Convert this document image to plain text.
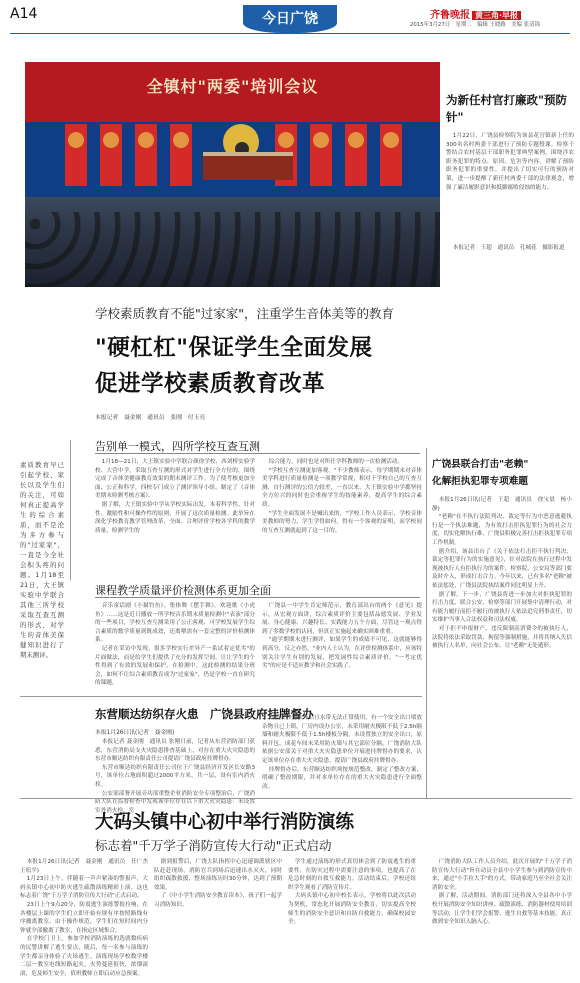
A14	今日广饶	齐鲁晚报 黄三角·早报
2015年3月27日　星期二　编辑 王晓路　美编 张清锦
全镇村"两委"培训会议
为新任村官打廉政"预防针"

1月22日，广饶县检察院为该县花官镇新上任的300名名村两委干部进行了预防专题授课。检察干警结合农村基层干部职务犯罪典型案例，围绕涉农职务犯罪的特点、原因、危害等内容，讲解了预防职务犯罪的重要性，并提出了切实可行的预防对策，进一步提醒了新任村两委干部的法律观念，增强了廉洁履职意识和抵御腐败侵蚀的能力。

本报记者　王超　通讯员　孔城花　摄影报道

学校素质教育不能"过家家"，注重学生音体美等的教育
"硬杠杠"保证学生全面发展
促进学校素质教育改革
本报记者　聂金刚　通讯员　张刚　付玉亮
素质教育早已引起学校、家长以及学生们的关注，可如何真正提高学生的综合素质，而不是沦为多方参与的"过家家"，一直是今全社会积头疼的问题。1月18至21日，大王镇实验中学联合其他三所学校采取互查互测的形式，对学生的音体美保健知识进行了期末测评。
告别单一模式，四所学校互查互测

1月18—21日，大王镇实验中学联合颜徐学校、西刘桥实验学校、大营中学，采取互查互测的形式对学生进行全方位的，围绕完成了音体美健康教育效果的期末测评工作。为了使考核更加全面、公正和科学，四校专门成立了测评领导小组，制定了《音体美期末检测考核方案》。

据了解，大王镇实验中学从学校实际出发，本着科学性、针对性、激励性和可操作性的原则，开展了这次质量检测。此举旨在深化学校教育教学管理改革，全面、合理评价学校各学科的教学质量，检测学生的

综合能力，同时也是对所任学科教师的一次检测活动。

"学校互查互测更加客观。"不少教师表示，每学期期末对音体美学科进行质量检测是一项教学常规，相对于学校自己的互查互测，自行测评的公信力较差，一直以来，大王镇实验中学都坚持全方位兴的同时也会重视学生的技能素养，提高学生的综合素质。

"学生全面发展不是喊出来的，"学校工作人员表示，学校音体美教师的努力，学生学得如何，得有一个客观的证明，而学校间的互查互测就起到了这一目的。

课程教学质量评价检测体系更加全面

音乐童话剧《小猫钓鱼》、集体舞《摆手舞》、欢迎歌《小虎鱼》……这是近日播放一所学校音乐期末质量检测中"表演"部分的一些项目，学校互查互测采用了公正客观、可学校发展学生综合素质的数学质量到既成效，还离喂需有一套完整的评价检测体系。

记者在采访中发现，很多学校实行差异产一系试着定优劣"的片面做法，而是给学生们提供了充分的发挥空间，让让学生的个性得到了有效的发展和保护。在检测中，这此检测的结果分班会，如何不让综合素质教育成为"过家家"，仍是学校一直在研究的课题。

广饶县一中学生肯定师范示，教育部出台的两个《意见》提示，从宏观方面讲，综合素质评价主要包括品德发展、学业发展、身心健康、兴趣特长、实践能力五个方面，尽管这一观点得到了多数学校的认同，但真正实施起来确实困难重重。

"通学期期末进行测评，如果学生的成绩不可见，这就能够得到高分，反之亦然。"业内人士认为，在评价检测体系中，应该特别关注学生有别的发展，把发展性综合素质评价，"一考定优劣"的应是不适应教学和社会实践了。

东营顺达纺织存火患　广饶县政府挂牌督办
本报1月26日讯(记者　聂金刚)

本报记者 聂金刚　通讯员 张刚日前，记者从东营消防部门获悉，东营消防局支火灾隐患排查基础上，对存在重大火灾隐患的东营市顺达纺织有限责任公司提请广饶县政府挂牌督办。

东营市顺达纺织有限责任公司位于广饶县经济开发区长安路3号，该单位占地面积超过2000平方米，共一层，设有室内消火栓。

公安部部署开展旁功部重整企业消防安全专项整治后，广饶消防大队在监督检查中发现该单位存在以下重大火灾隐患：未设置室外消火栓，室

内消火栓无法开启且水带无法正常使用，有一个安全出口堵放杂物且已上锁，厂房内设办公室，未采用耐火极限不低于2.5h隔墙和耐火极限不低于1.5h楼板分隔，未设置独立的安全出口，原料开包，成花车间未采用防火墙与其它部位分隔，广饶消防大队依据公安部关于对重大火灾隐患单位开展进挂牌督办的要求，认定该单位存在重大火灾隐患，提请广饶县政府挂牌督办。

挂牌督办后，东营顺达纺织须按规范整改，制定了整改方案，明确了整改期限，并对本单位存在的重大火灾隐患进行全面整改。

广饶县联合打击"老赖"
化解拒执犯罪专项难题

本报1月26日讯(记者　王超　通讯员　徐宝晨　杨小静)

"老赖"在不执行法院判决、裁定等行为中恶意逃避执行是一个执法难题，为有效打击拒执犯罪行为的社会力度，切实化解执行难，广饶县积极完善打击拒执犯罪专项工作机制。

据介绍，该县出台了《关于依法打击拒不执行判决、裁定等犯罪行为的实施意见》，针对法院在执行过程中发现被执行人有拒执行为的案件，检察院、公安局等部门要及时介入，形成打击合力。今年以来，已有多名"老赖"被依法惩处，广饶县法院执结案件同比明显上升。

据了解，下一步，广饶县将进一步加大对拒执犯罪的打击力度，联合公安、检察等部门开展集中清理行动，对有能力履行而拒不履行的被执行人依法追究刑事责任，切实维护当事人合法权益和司法权威。

对于拒不申报财产、违反限制高消费令的被执行人，法院将依法采取罚款、拘留等强制措施，并将其纳入失信被执行人名单，向社会公布，让"老赖"无处遁形。

大码头镇中心初中举行消防演练
标志着"千万学子消防宣传大行动"正式启动

本报1月26日讯(记者　聂金刚　通讯员　任广杰　王松平)

1月23日上午，伴随着一声声紧凑的警报声，大码头镇中心初中防灾逃生疏散演练精彩上演。这也标志着广饶"千万学子消防宣传大行动"正式启动。

23日上午9点20分，防震逃生演练警报拉响，在各楼层上课的学生们立即开始有规有序按照路线有序撤离教室，由于操作规范，学生们在短时间内分钟就全部撤离了教室，在指定区域集合。

在学校门卫上，参加学校消防演练的选就数疾病的民警讲解了逃生要点，随后，每一名参与演练的学生都亲身体验了火场逃生，演练现场学校数学楼二层一教室电线短路起火，火势蔓延很快，浓烟滚滚，危及师生安全，值班教师立即启动应急预案。

据到报警后，广饶大队指挥中心迅速调派辖区中队赶赴现场，消防官兵到场后迅速出水灭火，同时组织疏散救援，整场演练历时30分钟，达到了预期效果。

了《中小学生消防安全教育读本》，孩子们一起学习消防知识。

学生通过演练的形式真切体会到了防震逃生的重要性，在防灾过程中需要注意的事项，也提高了在危急时刻的自救互救能力，活动结束后，学校还组织学生观看了消防宣传片。

大码头镇中心初中校长表示，学校将以此次活动为契机，常态化开展消防安全教育，切实提高全校师生的消防安全意识和自防自救能力，确保校园安全。

广饶消防大队工作人员介绍，此次开展的"千万学子消防宣传大行动"旨在动员全县中小学生参与到消防宣传中来，通过"小手拉大手"的方式，带动家庭乃至全社会关注消防安全。

据了解，活动期间，消防部门还将深入全县各中小学校开展消防安全知识讲座、疏散演练、消防器材使用培训等活动，让学生们学会报警、逃生自救等基本技能，真正做到安全知识入脑入心。
